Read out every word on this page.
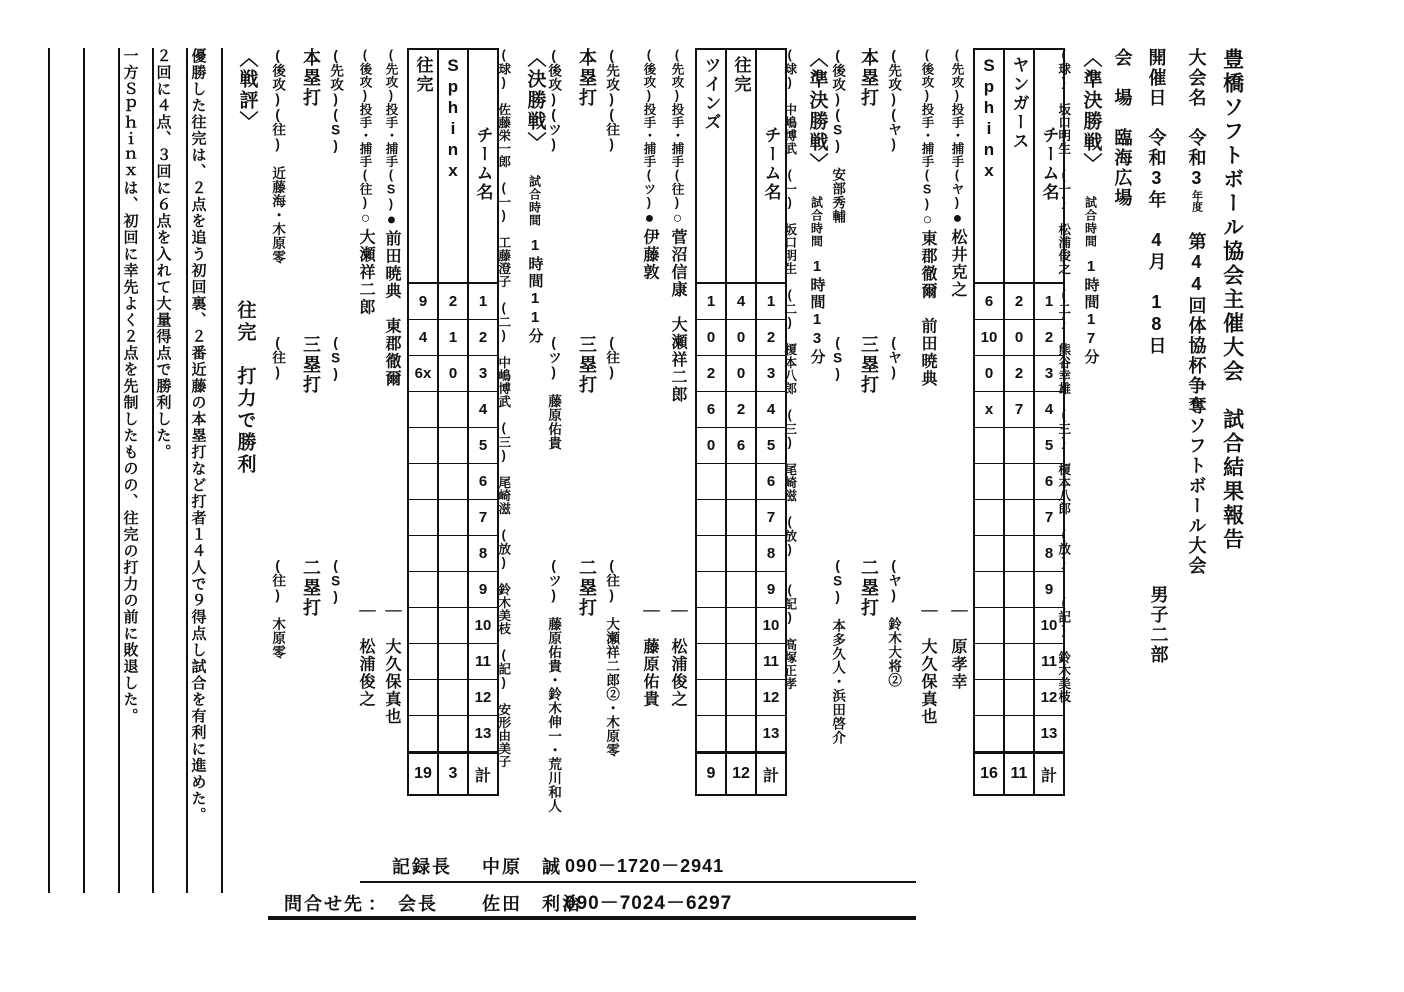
豊橋ソフトボール協会主催大会　試合結果報告
大会名　令和3年度　第44回体協杯争奪ソフトボール大会
開催日　令和3年　4月　18日
男子二部
会　場　臨海広場
〈準決勝戦〉試合時間1時間17分
(球)　坂口明生　(一)　松浦俊之　(二)　熊谷幸雄　(三)　榎本八郎　(放)　　(記)　鈴木美枝
Sphinx	ヤンガース	チーム名
6	2	1
10	0	2
0	2	3
x	7	4
		5
		6
		7
		8
		9
		10
		11
		12
		13
16	11	計
(先攻)投手・捕手(ヤ)●松井克之
｜　原孝幸
(後攻)投手・捕手(S)○東郡徹爾　前田暁典
｜　大久保真也
(先攻)(ヤ)
(ヤ)
(ヤ)　鈴木大将②
本塁打
三塁打
二塁打
(後攻)(S)　安部秀輔
(S)
(S)　本多久人・浜田啓介
〈準決勝戦〉試合時間1時間13分
(球)　中嶋博武　(一)　坂口明生　(二)　榎本八郎　(三)　尾崎滋　(放)　　(記)　高塚正孝
ツインズ	往完	チーム名
1	4	1
0	0	2
2	0	3
6	2	4
0	6	5
		6
		7
		8
		9
		10
		11
		12
		13
9	12	計
(先攻)投手・捕手(往)○菅沼信康　大瀬祥二郎
｜　松浦俊之
(後攻)投手・捕手(ツ)●伊藤敦
｜　藤原佑貴
(先攻)(往)
(往)
(往)　大瀬祥二郎②・木原零
本塁打
三塁打
二塁打
(後攻)(ツ)
(ツ)　藤原佑貴
(ツ)　藤原佑貴・鈴木伸一・荒川和人
〈決勝戦〉試合時間1時間11分
(球)　佐藤栄一郎　(一)　工藤澄子　(二)　中嶋博武　(三)　尾崎滋　(放)　鈴木美枝　(記)　安形由美子
往完	Sphinx	チーム名
9	2	1
4	1	2
6x	0	3
		4
		5
		6
		7
		8
		9
		10
		11
		12
		13
19	3	計
(先攻)投手・捕手(S)●前田暁典　東郡徹爾
｜　大久保真也
(後攻)投手・捕手(往)○大瀬祥二郎
｜　松浦俊之
(先攻)(S)
(S)
(S)
本塁打
三塁打
二塁打
(後攻)(往)　近藤海・木原零
(往)
(往)　木原零
〈戦評〉
往完　打力で勝利
優勝した往完は、２点を追う初回裏、２番近藤の本塁打など打者１４人で９得点し試合を有利に進めた。
２回に４点、３回に６点を入れて大量得点で勝利した。
一方Ｓｐｈｉｎｘは、初回に幸先よく２点を先制したものの、往完の打力の前に敗退した。
記録長 中原　誠 090－1720－2941
問合せ先 ： 会長 佐田　利治
090－7024－6297
